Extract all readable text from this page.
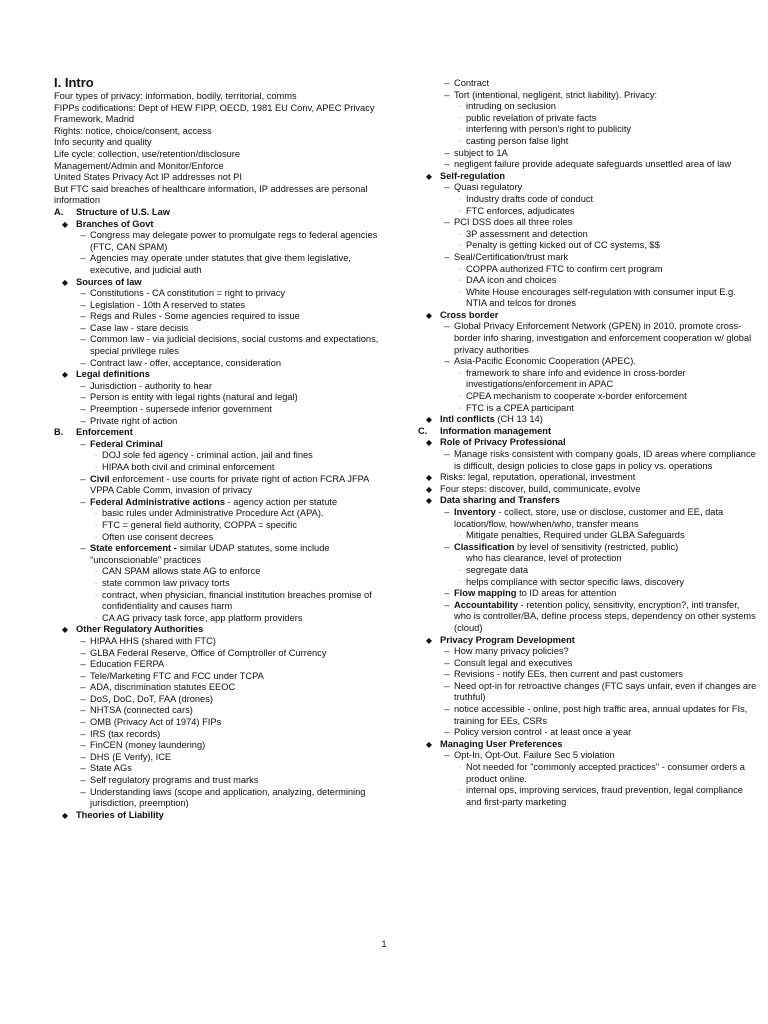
I. Intro
Four types of privacy: information, bodily, territorial, comms
FIPPs codifications: Dept of HEW FIPP, OECD, 1981 EU Conv, APEC Privacy Framework, Madrid
Rights: notice, choice/consent, access
Info security and quality
Life cycle: collection, use/retention/disclosure
Management/Admin and Monitor/Enforce
United States Privacy Act IP addresses not PI
But FTC said breaches of healthcare information, IP addresses are personal information
A.	Structure of U.S. Law
◆ Branches of Govt
– Congress may delegate power to promulgate regs to federal agencies (FTC, CAN SPAM)
– Agencies may operate under statutes that give them legislative, executive, and judicial auth
◆ Sources of law
– Constitutions - CA constitution = right to privacy
– Legislation - 10th A reserved to states
– Regs and Rules - Some agencies required to issue
– Case law - stare decisis
– Common law - via judicial decisions, social customs and expectations, special privilege rules
– Contract law - offer, acceptance, consideration
◆ Legal definitions
– Jurisdiction - authority to hear
– Person is entity with legal rights (natural and legal)
– Preemption - supersede inferior government
– Private right of action
B.	Enforcement
– Federal Criminal
· DOJ sole fed agency - criminal action, jail and fines
· HIPAA both civil and criminal enforcement
– Civil enforcement - use courts for private right of action FCRA JFPA VPPA Cable Comm, invasion of privacy
– Federal Administrative actions - agency action per statute
· basic rules under Administrative Procedure Act (APA).
· FTC = general field authority, COPPA = specific
· Often use consent decrees
– State enforcement - similar UDAP statutes, some include "unconscionable" practices
· CAN SPAM allows state AG to enforce
· state common law privacy torts
· contract, when physician, financial institution breaches promise of confidentiality and causes harm
· CA AG privacy task force, app platform providers
◆ Other Regulatory Authorities
– HIPAA HHS (shared with FTC)
– GLBA Federal Reserve, Office of Comptroller of Currency
– Education FERPA
– Tele/Marketing FTC and FCC under TCPA
– ADA, discrimination statutes EEOC
– DoS, DoC, DoT, FAA (drones)
– NHTSA (connected cars)
– OMB (Privacy Act of 1974) FIPs
– IRS (tax records)
– FinCEN (money laundering)
– DHS (E Verify), ICE
– State AGs
– Self regulatory programs and trust marks
– Understanding laws (scope and application, analyzing, determining jurisdiction, preemption)
◆ Theories of Liability
– Contract
– Tort (intentional, negligent, strict liability). Privacy:
· intruding on seclusion
· public revelation of private facts
· interfering with person's right to publicity
· casting person false light
– subject to 1A
– negligent failure provide adequate safeguards unsettled area of law
◆ Self-regulation
– Quasi regulatory
· Industry drafts code of conduct
· FTC enforces, adjudicates
– PCI DSS does all three roles
· 3P assessment and detection
· Penalty is getting kicked out of CC systems, $$
– Seal/Certification/trust mark
· COPPA authorized FTC to confirm cert program
· DAA icon and choices
· White House encourages self-regulation with consumer input E.g. NTIA and telcos for drones
◆ Cross border
– Global Privacy Enforcement Network (GPEN) in 2010. promote cross-border info sharing, investigation and enforcement cooperation w/ global privacy authorities
– Asia-Pacific Economic Cooperation (APEC).
· framework to share info and evidence in cross-border investigations/enforcement in APAC
· CPEA mechanism to cooperate x-border enforcement
· FTC is a CPEA participant
◆ Intl conflicts (CH 13 14)
C.	Information management
◆ Role of Privacy Professional
– Manage risks consistent with company goals, ID areas where compliance is difficult, design policies to close gaps in policy vs. operations
◆ Risks: legal, reputation, operational, investment
◆ Four steps: discover, build, communicate, evolve
◆ Data sharing and Transfers
– Inventory - collect, store, use or disclose, customer and EE, data location/flow, how/when/who, transfer means
· Mitigate penalties, Required under GLBA Safeguards
– Classification by level of sensitivity (restricted, public)
who has clearance, level of protection
· segregate data
· helps compliance with sector specific laws, discovery
– Flow mapping to ID areas for attention
– Accountability - retention policy, sensitivity, encryption?, intl transfer, who is controller/BA, define process steps, dependency on other systems (cloud)
◆ Privacy Program Development
– How many privacy policies?
– Consult legal and executives
– Revisions - notify EEs, then current and past customers
– Need opt-in for retroactive changes (FTC says unfair, even if changes are truthful)
– notice accessible - online, post high traffic area, annual updates for FIs, training for EEs, CSRs
– Policy version control - at least once a year
◆ Managing User Preferences
– Opt-In, Opt-Out. Failure Sec 5 violation
· Not needed for "commonly accepted practices" - consumer orders a product online.
· internal ops, improving services, fraud prevention, legal compliance and first-party marketing
1
